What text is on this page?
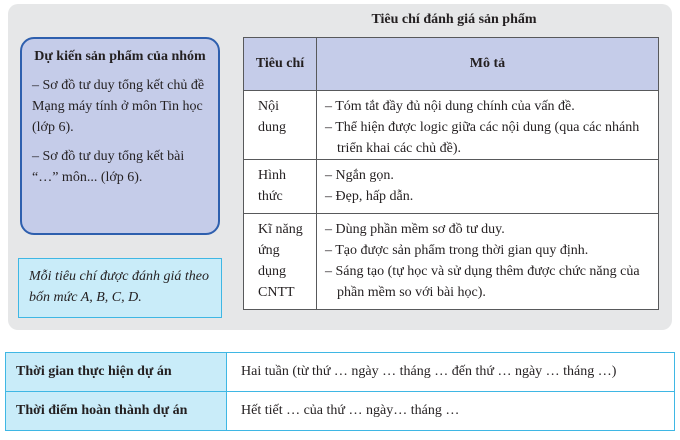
Tiêu chí đánh giá sản phẩm
Dự kiến sản phẩm của nhóm
– Sơ đồ tư duy tổng kết chủ đề Mạng máy tính ở môn Tin học (lớp 6).
– Sơ đồ tư duy tổng kết bài “…” môn... (lớp 6).
Mỗi tiêu chí được đánh giá theo bốn mức A, B, C, D.
Tiêu chí	Mô tả
Nội dung	– Tóm tắt đầy đủ nội dung chính của vấn đề.
– Thể hiện được logic giữa các nội dung (qua các nhánh triển khai các chủ đề).

Hình thức	– Ngắn gọn.
– Đẹp, hấp dẫn.

Kĩ năng ứng dụng CNTT	– Dùng phần mềm sơ đồ tư duy.
– Tạo được sản phẩm trong thời gian quy định.
– Sáng tạo (tự học và sử dụng thêm được chức năng của phần mềm so với bài học).
Thời gian thực hiện dự án	Hai tuần (từ thứ … ngày … tháng … đến thứ … ngày … tháng …)
Thời điểm hoàn thành dự án	Hết tiết … của thứ … ngày… tháng …
